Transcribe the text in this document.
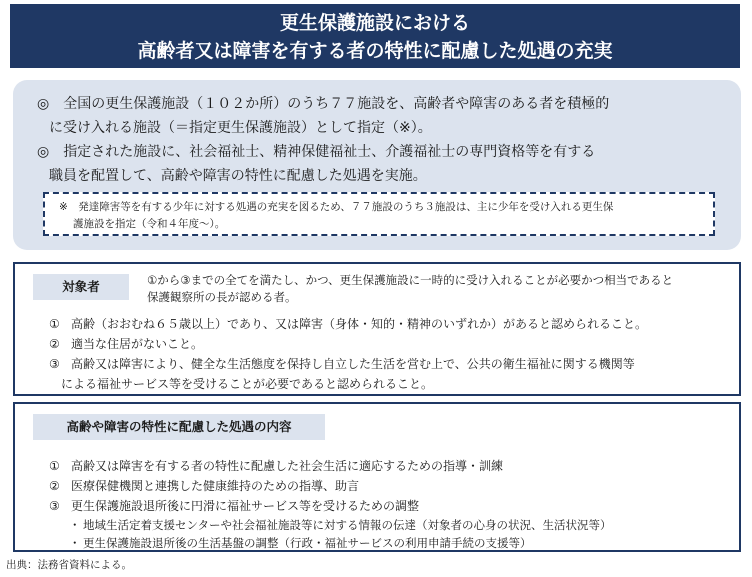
更生保護施設における
高齢者又は障害を有する者の特性に配慮した処遇の充実
◎　 全国の更生保護施設（１０２か所）のうち７７施設を、高齢者や障害のある者を積極的
に受け入れる施設（＝指定更生保護施設）として指定（※）。
◎　 指定された施設に、社会福祉士、精神保健福祉士、介護福祉士の専門資格等を有する
職員を配置して、高齢や障害の特性に配慮した処遇を実施。
※　発達障害等を有する少年に対する処遇の充実を図るため、７７施設のうち３施設は、主に少年を受け入れる更生保
護施設を指定（令和４年度～）。
対象者	①から③までの全てを満たし、かつ、更生保護施設に一時的に受け入れることが必要かつ相当であると
保護観察所の長が認める者。
① 高齢（おおむね６５歳以上）であり、又は障害（身体・知的・精神のいずれか）があると認められること。
② 適当な住居がないこと。
③ 高齢又は障害により、健全な生活態度を保持し自立した生活を営む上で、公共の衛生福祉に関する機関等
による福祉サービス等を受けることが必要であると認められること。
高齢や障害の特性に配慮した処遇の内容
① 高齢又は障害を有する者の特性に配慮した社会生活に適応するための指導・訓練
② 医療保健機関と連携した健康維持のための指導、助言
③ 更生保護施設退所後に円滑に福祉サービス等を受けるための調整
・ 地域生活定着支援センターや社会福祉施設等に対する情報の伝達（対象者の心身の状況、生活状況等）
・ 更生保護施設退所後の生活基盤の調整（行政・福祉サービスの利用申請手続の支援等）
出典：法務省資料による。
